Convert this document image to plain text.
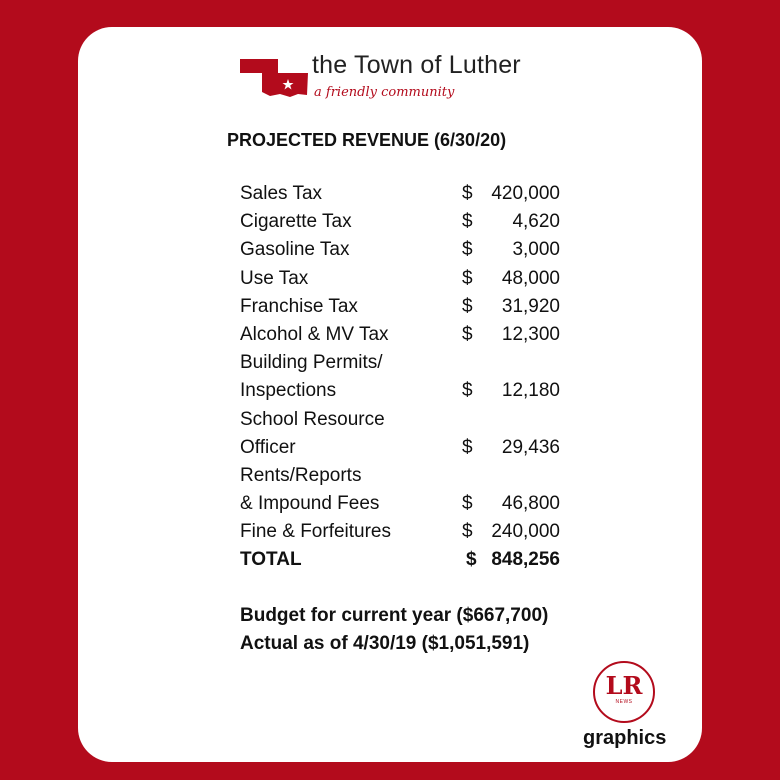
the Town of Luther
a friendly community
PROJECTED REVENUE (6/30/20)
Sales Tax	$ 420,000
Cigarette Tax	$ 4,620
Gasoline Tax	$ 3,000
Use Tax	$ 48,000
Franchise Tax	$ 31,920
Alcohol & MV Tax	$ 12,300
Building Permits/
Inspections	$ 12,180
School Resource
Officer	$ 29,436
Rents/Reports
& Impound Fees	$ 46,800
Fine & Forfeitures	$ 240,000
TOTAL	$ 848,256
Budget for current year ($667,700)
Actual as of 4/30/19 ($1,051,591)
LR
NEWS
graphics
